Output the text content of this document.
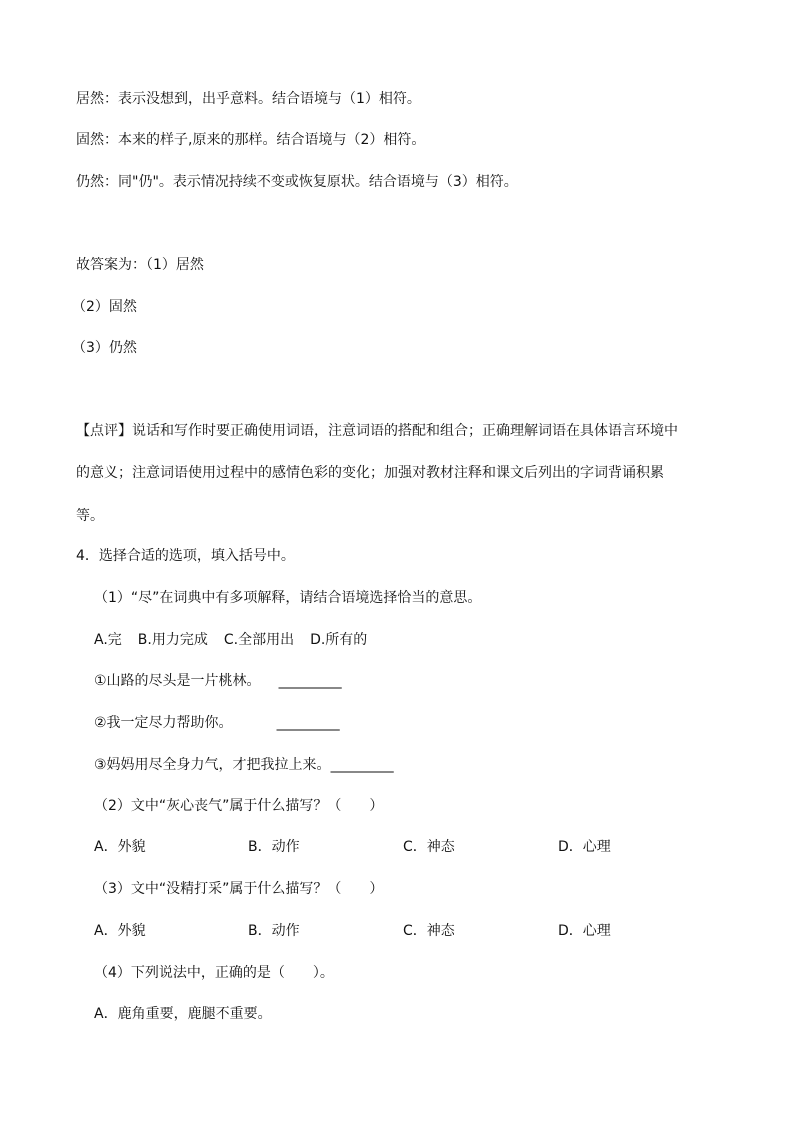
居然：表示没想到，出乎意料。结合语境与（1）相符。
固然：本来的样子,原来的那样。结合语境与（2）相符。
仍然：同"仍"。表示情况持续不变或恢复原状。结合语境与（3）相符。
故答案为：（1）居然
（2）固然
（3）仍然
【点评】说话和写作时要正确使用词语，注意词语的搭配和组合；正确理解词语在具体语言环境中
的意义；注意词语使用过程中的感情色彩的变化；加强对教材注释和课文后列出的字词背诵积累
等。
4．选择合适的选项，填入括号中。
（1）“尽”在词典中有多项解释，请结合语境选择恰当的意思。
A.完 B.用力完成 C.全部用出 D.所有的
①山路的尽头是一片桃林。 _________
②我一定尽力帮助你。	_________
③妈妈用尽全身力气，才把我拉上来。_________
（2）文中“灰心丧气”属于什么描写？（　　）
A．外貌	B．动作	C．神态	D．心理
（3）文中“没精打采”属于什么描写？（　　）
A．外貌	B．动作	C．神态	D．心理
（4）下列说法中，正确的是（　　）。
A．鹿角重要，鹿腿不重要。
